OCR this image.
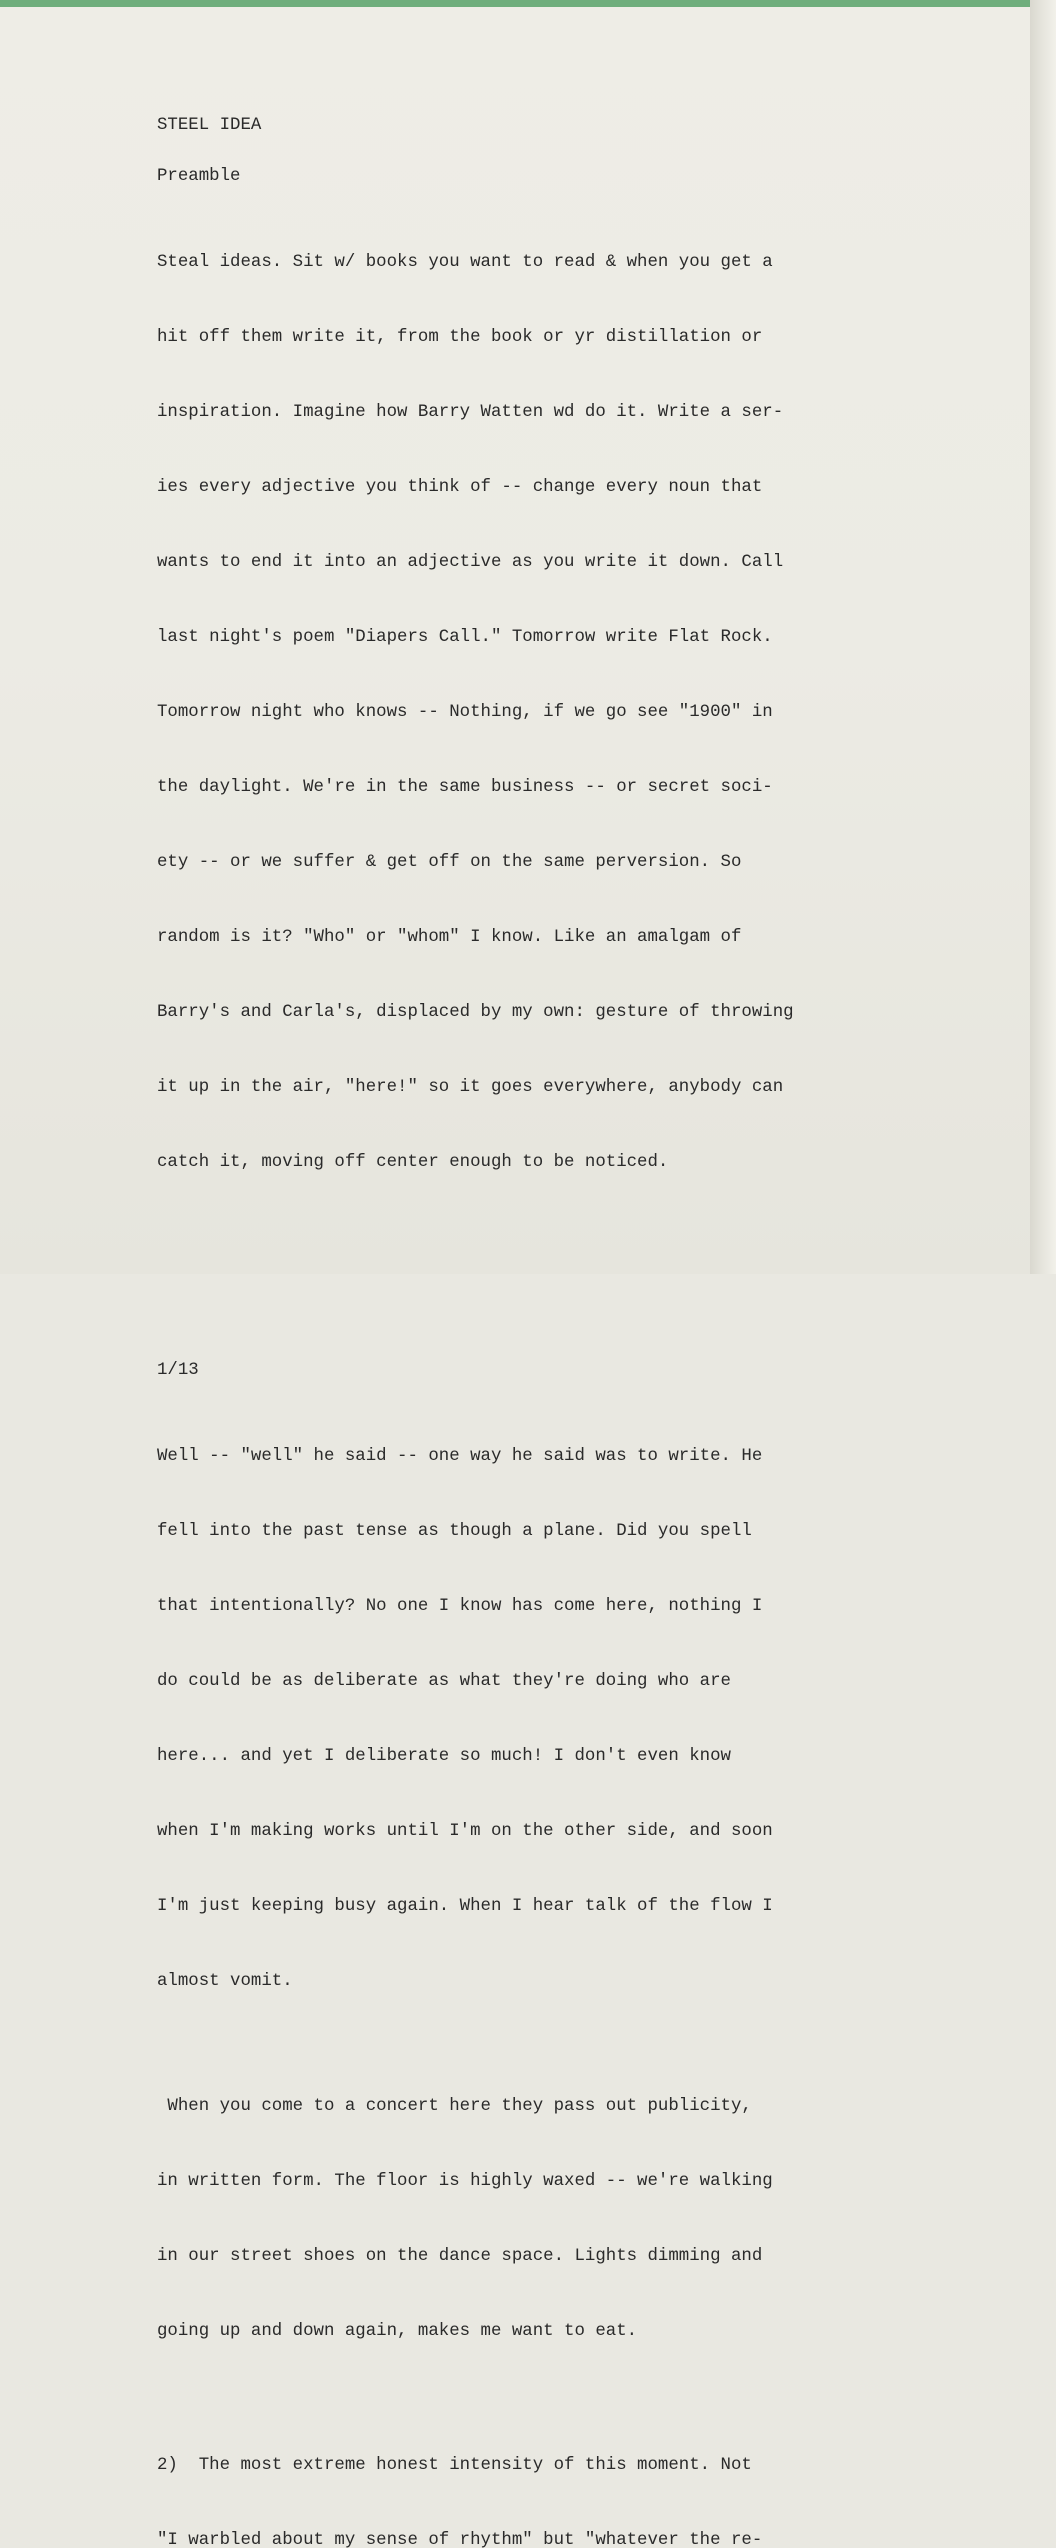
STEEL IDEA
Preamble

Steal ideas. Sit w/ books you want to read & when you get a

hit off them write it, from the book or yr distillation or

inspiration. Imagine how Barry Watten wd do it. Write a ser-

ies every adjective you think of -- change every noun that

wants to end it into an adjective as you write it down. Call

last night's poem "Diapers Call." Tomorrow write Flat Rock.

Tomorrow night who knows -- Nothing, if we go see "1900" in

the daylight. We're in the same business -- or secret soci-

ety -- or we suffer & get off on the same perversion. So

random is it? "Who" or "whom" I know. Like an amalgam of

Barry's and Carla's, displaced by my own: gesture of throwing

it up in the air, "here!" so it goes everywhere, anybody can

catch it, moving off center enough to be noticed.

1/13

Well -- "well" he said -- one way he said was to write. He

fell into the past tense as though a plane. Did you spell

that intentionally? No one I know has come here, nothing I

do could be as deliberate as what they're doing who are

here... and yet I deliberate so much! I don't even know

when I'm making works until I'm on the other side, and soon

I'm just keeping busy again. When I hear talk of the flow I

almost vomit.

When you come to a concert here they pass out publicity,

in written form. The floor is highly waxed -- we're walking

in our street shoes on the dance space. Lights dimming and

going up and down again, makes me want to eat.

2)  The most extreme honest intensity of this moment. Not

"I warbled about my sense of rhythm" but "whatever the re-
